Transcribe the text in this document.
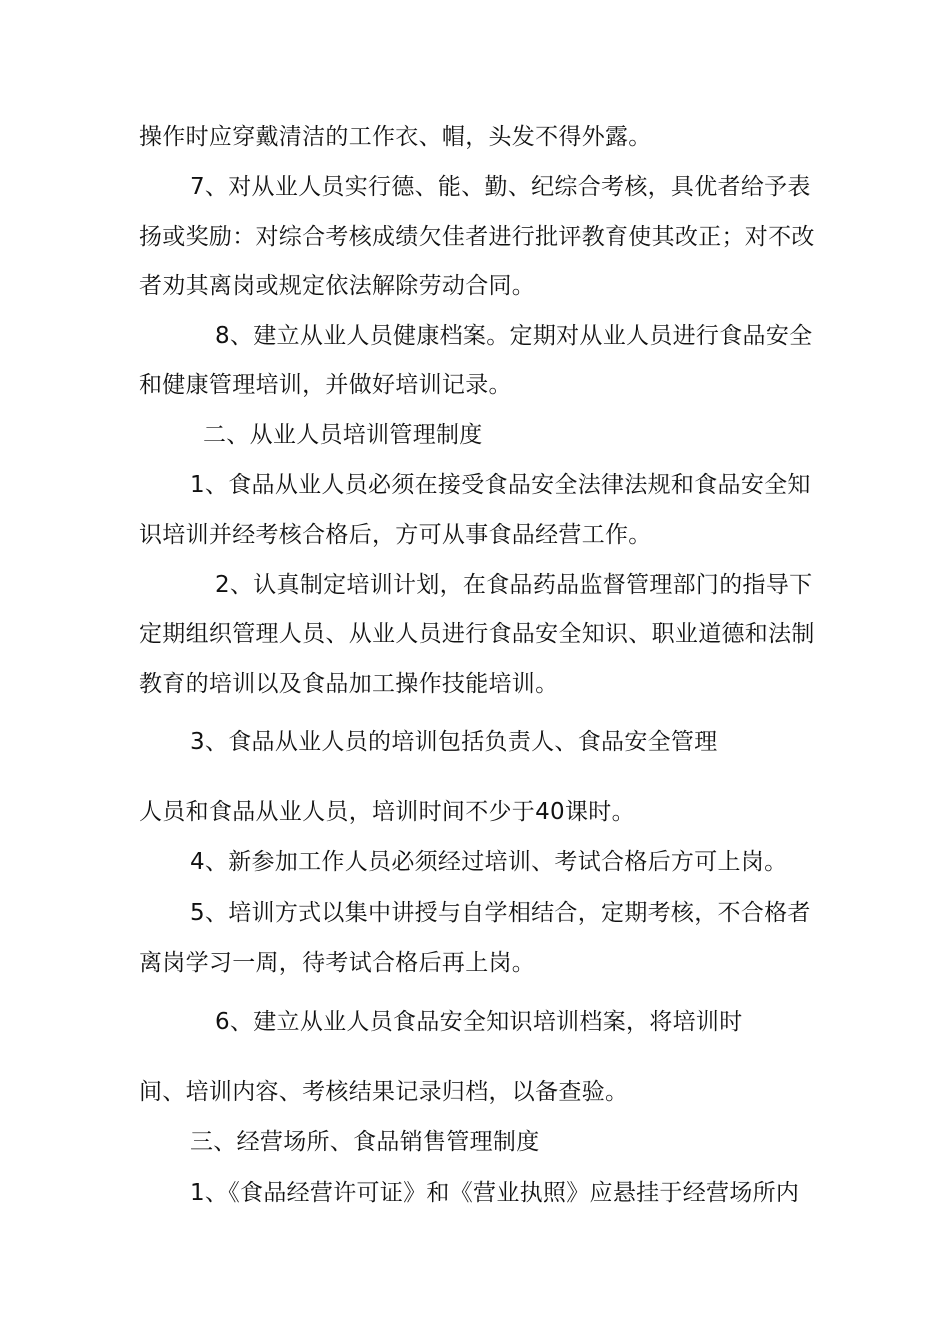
操作时应穿戴清洁的工作衣、帽，头发不得外露。
7、对从业人员实行德、能、勤、纪综合考核，具优者给予表
扬或奖励：对综合考核成绩欠佳者进行批评教育使其改正；对不改
者劝其离岗或规定依法解除劳动合同。
8、建立从业人员健康档案。定期对从业人员进行食品安全
和健康管理培训，并做好培训记录。
二、从业人员培训管理制度
1、食品从业人员必须在接受食品安全法律法规和食品安全知
识培训并经考核合格后，方可从事食品经营工作。
2、认真制定培训计划，在食品药品监督管理部门的指导下
定期组织管理人员、从业人员进行食品安全知识、职业道德和法制
教育的培训以及食品加工操作技能培训。
3、食品从业人员的培训包括负责人、食品安全管理
人员和食品从业人员，培训时间不少于40课时。
4、新参加工作人员必须经过培训、考试合格后方可上岗。
5、培训方式以集中讲授与自学相结合，定期考核，不合格者
离岗学习一周，待考试合格后再上岗。
6、建立从业人员食品安全知识培训档案，将培训时
间、培训内容、考核结果记录归档，以备查验。
三、经营场所、食品销售管理制度
1、《食品经营许可证》和《营业执照》应悬挂于经营场所内
